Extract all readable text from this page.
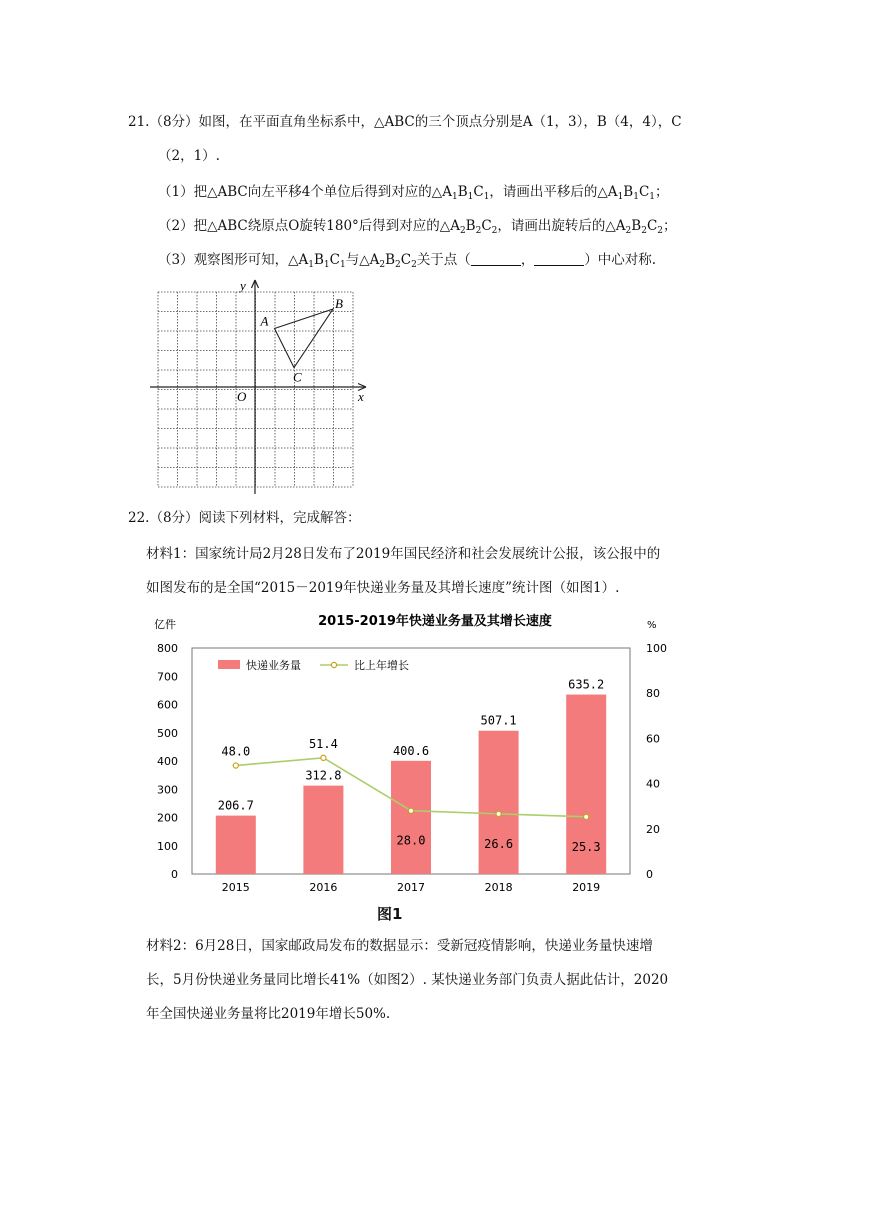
21.（8分）如图，在平面直角坐标系中，△ABC的三个顶点分别是A（1，3），B（4，4），C
（2，1）.
（1）把△ABC向左平移4个单位后得到对应的$\triangle A_1B_1C_1$，请画出平移后的$\triangle A_1B_1C_1$；
（2）把△ABC绕原点O旋转180°后得到对应的$\triangle A_2B_2C_2$，请画出旋转后的$\triangle A_2B_2C_2$；
（3）观察图形可知，$\triangle A_1B_1C_1$与$\triangle A_2B_2C_2$关于点（	，	）中心对称.
x
y
O
A
B
C
22.（8分）阅读下列材料，完成解答：
材料1：国家统计局2月28日发布了2019年国民经济和社会发展统计公报，该公报中的
如图发布的是全国“2015－2019年快递业务量及其增长速度”统计图（如图1）.
2015-2019年快递业务量及其增长速度
亿件	%
0
100
200
300
400
500
600
700
800
0
20
40
60
80
100
206.7
312.8
400.6
507.1
635.2
48.0
51.4
28.0	26.6	25.3
2015	2016	2017	2018	2019
快递业务量	比上年增长
图1
材料2：6月28日，国家邮政局发布的数据显示：受新冠疫情影响，快递业务量快速增
长，5月份快递业务量同比增长41%（如图2）. 某快递业务部门负责人据此估计，2020
年全国快递业务量将比2019年增长50%.
